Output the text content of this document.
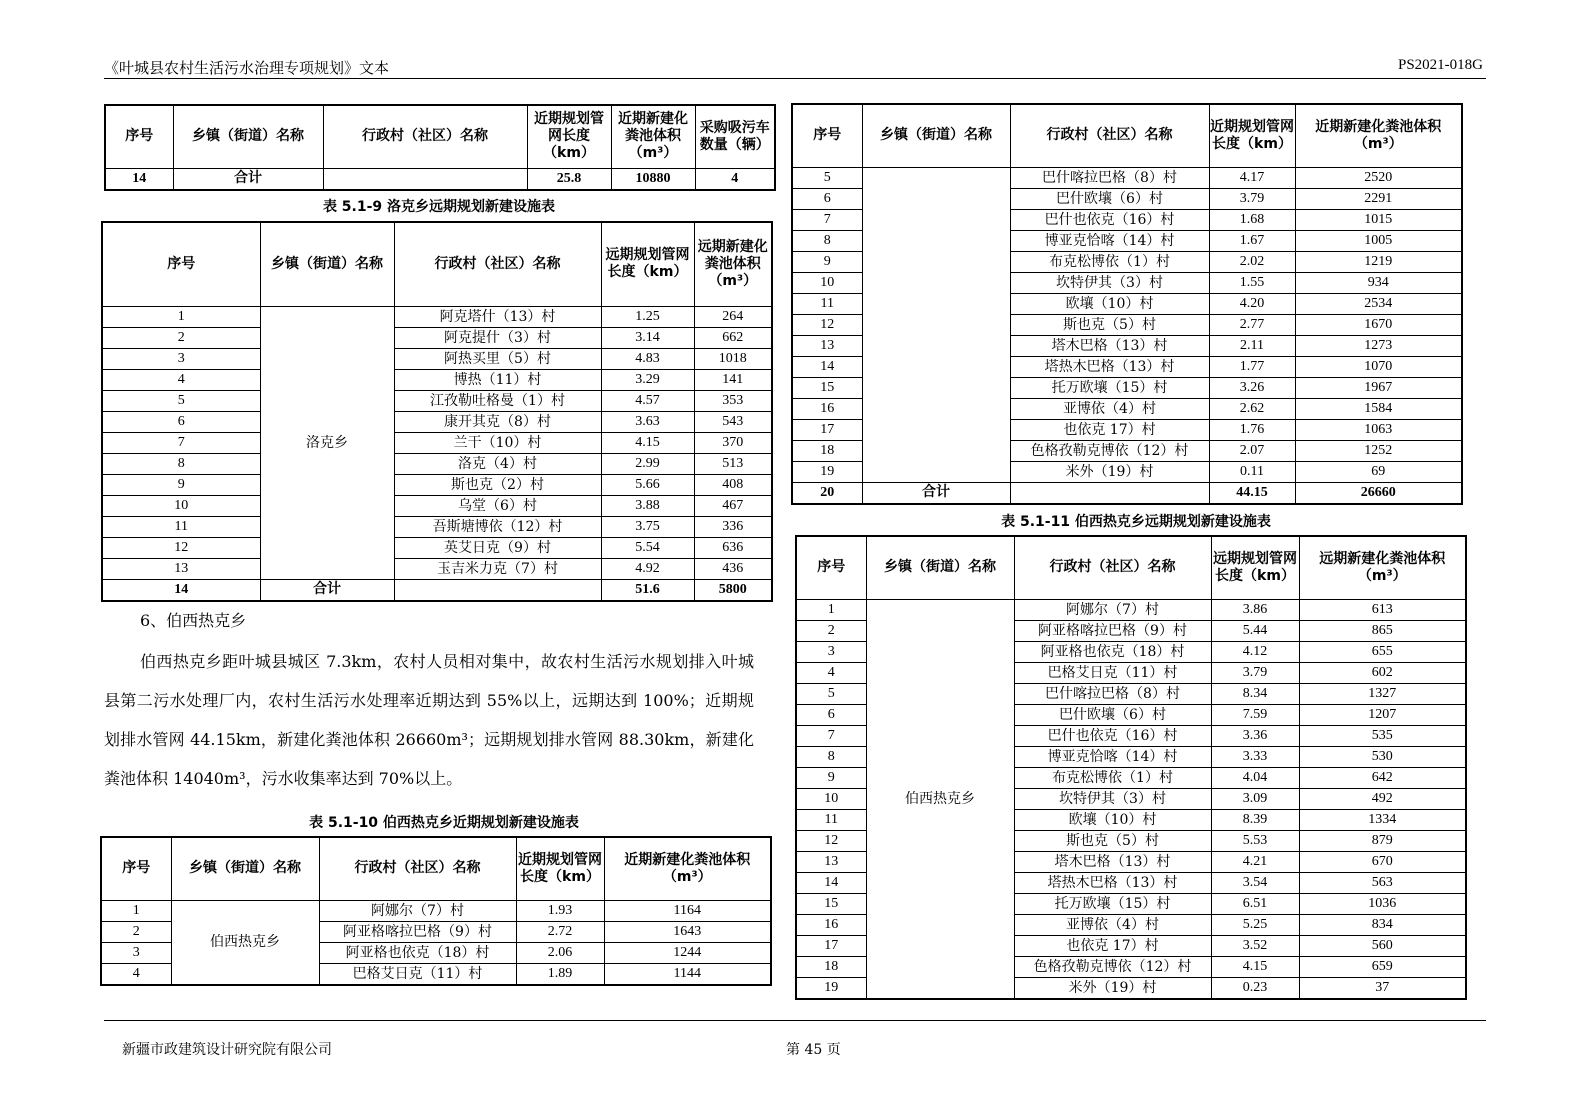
《叶城县农村生活污水治理专项规划》文本	PS2021-018G
新疆市政建筑设计研究院有限公司	第 45 页
序号	乡镇（街道）名称	行政村（社区）名称	近期规划管网长度（km）	近期新建化粪池体积（m³）	采购吸污车数量（辆）
14	合计		25.8	10880	4
表 5.1-9 洛克乡远期规划新建设施表
序号	乡镇（街道）名称	行政村（社区）名称	远期规划管网长度（km）	远期新建化粪池体积（m³）
1	洛克乡	阿克塔什（13）村	1.25	264
2		阿克提什（3）村	3.14	662
3		阿热买里（5）村	4.83	1018
4		博热（11）村	3.29	141
5		江孜勒吐格曼（1）村	4.57	353
6		康开其克（8）村	3.63	543
7		兰干（10）村	4.15	370
8		洛克（4）村	2.99	513
9		斯也克（2）村	5.66	408
10		乌堂（6）村	3.88	467
11		吾斯塘博依（12）村	3.75	336
12		英艾日克（9）村	5.54	636
13		玉吉米力克（7）村	4.92	436
14	合计		51.6	5800
6、伯西热克乡
伯西热克乡距叶城县城区 7.3km，农村人员相对集中，故农村生活污水规划排入叶城县第二污水处理厂内，农村生活污水处理率近期达到 55%以上，远期达到 100%；近期规划排水管网 44.15km，新建化粪池体积 26660m³；远期规划排水管网 88.30km，新建化粪池体积 14040m³，污水收集率达到 70%以上。
表 5.1-10 伯西热克乡近期规划新建设施表
序号	乡镇（街道）名称	行政村（社区）名称	近期规划管网长度（km）	近期新建化粪池体积（m³）
1	伯西热克乡	阿娜尔（7）村	1.93	1164
2		阿亚格喀拉巴格（9）村	2.72	1643
3		阿亚格也依克（18）村	2.06	1244
4		巴格艾日克（11）村	1.89	1144
序号	乡镇（街道）名称	行政村（社区）名称	近期规划管网长度（km）	近期新建化粪池体积（m³）
5		巴什喀拉巴格（8）村	4.17	2520
6		巴什欧壤（6）村	3.79	2291
7		巴什也依克（16）村	1.68	1015
8		博亚克恰喀（14）村	1.67	1005
9		布克松博依（1）村	2.02	1219
10		坎特伊其（3）村	1.55	934
11		欧壤（10）村	4.20	2534
12		斯也克（5）村	2.77	1670
13		塔木巴格（13）村	2.11	1273
14		塔热木巴格（13）村	1.77	1070
15		托万欧壤（15）村	3.26	1967
16		亚博依（4）村	2.62	1584
17		也依克 17）村	1.76	1063
18		色格孜勒克博依（12）村	2.07	1252
19		米外（19）村	0.11	69
20	合计		44.15	26660
表 5.1-11 伯西热克乡远期规划新建设施表
序号	乡镇（街道）名称	行政村（社区）名称	远期规划管网长度（km）	远期新建化粪池体积（m³）
1	伯西热克乡	阿娜尔（7）村	3.86	613
2		阿亚格喀拉巴格（9）村	5.44	865
3		阿亚格也依克（18）村	4.12	655
4		巴格艾日克（11）村	3.79	602
5		巴什喀拉巴格（8）村	8.34	1327
6		巴什欧壤（6）村	7.59	1207
7		巴什也依克（16）村	3.36	535
8		博亚克恰喀（14）村	3.33	530
9		布克松博依（1）村	4.04	642
10		坎特伊其（3）村	3.09	492
11		欧壤（10）村	8.39	1334
12		斯也克（5）村	5.53	879
13		塔木巴格（13）村	4.21	670
14		塔热木巴格（13）村	3.54	563
15		托万欧壤（15）村	6.51	1036
16		亚博依（4）村	5.25	834
17		也依克 17）村	3.52	560
18		色格孜勒克博依（12）村	4.15	659
19		米外（19）村	0.23	37
